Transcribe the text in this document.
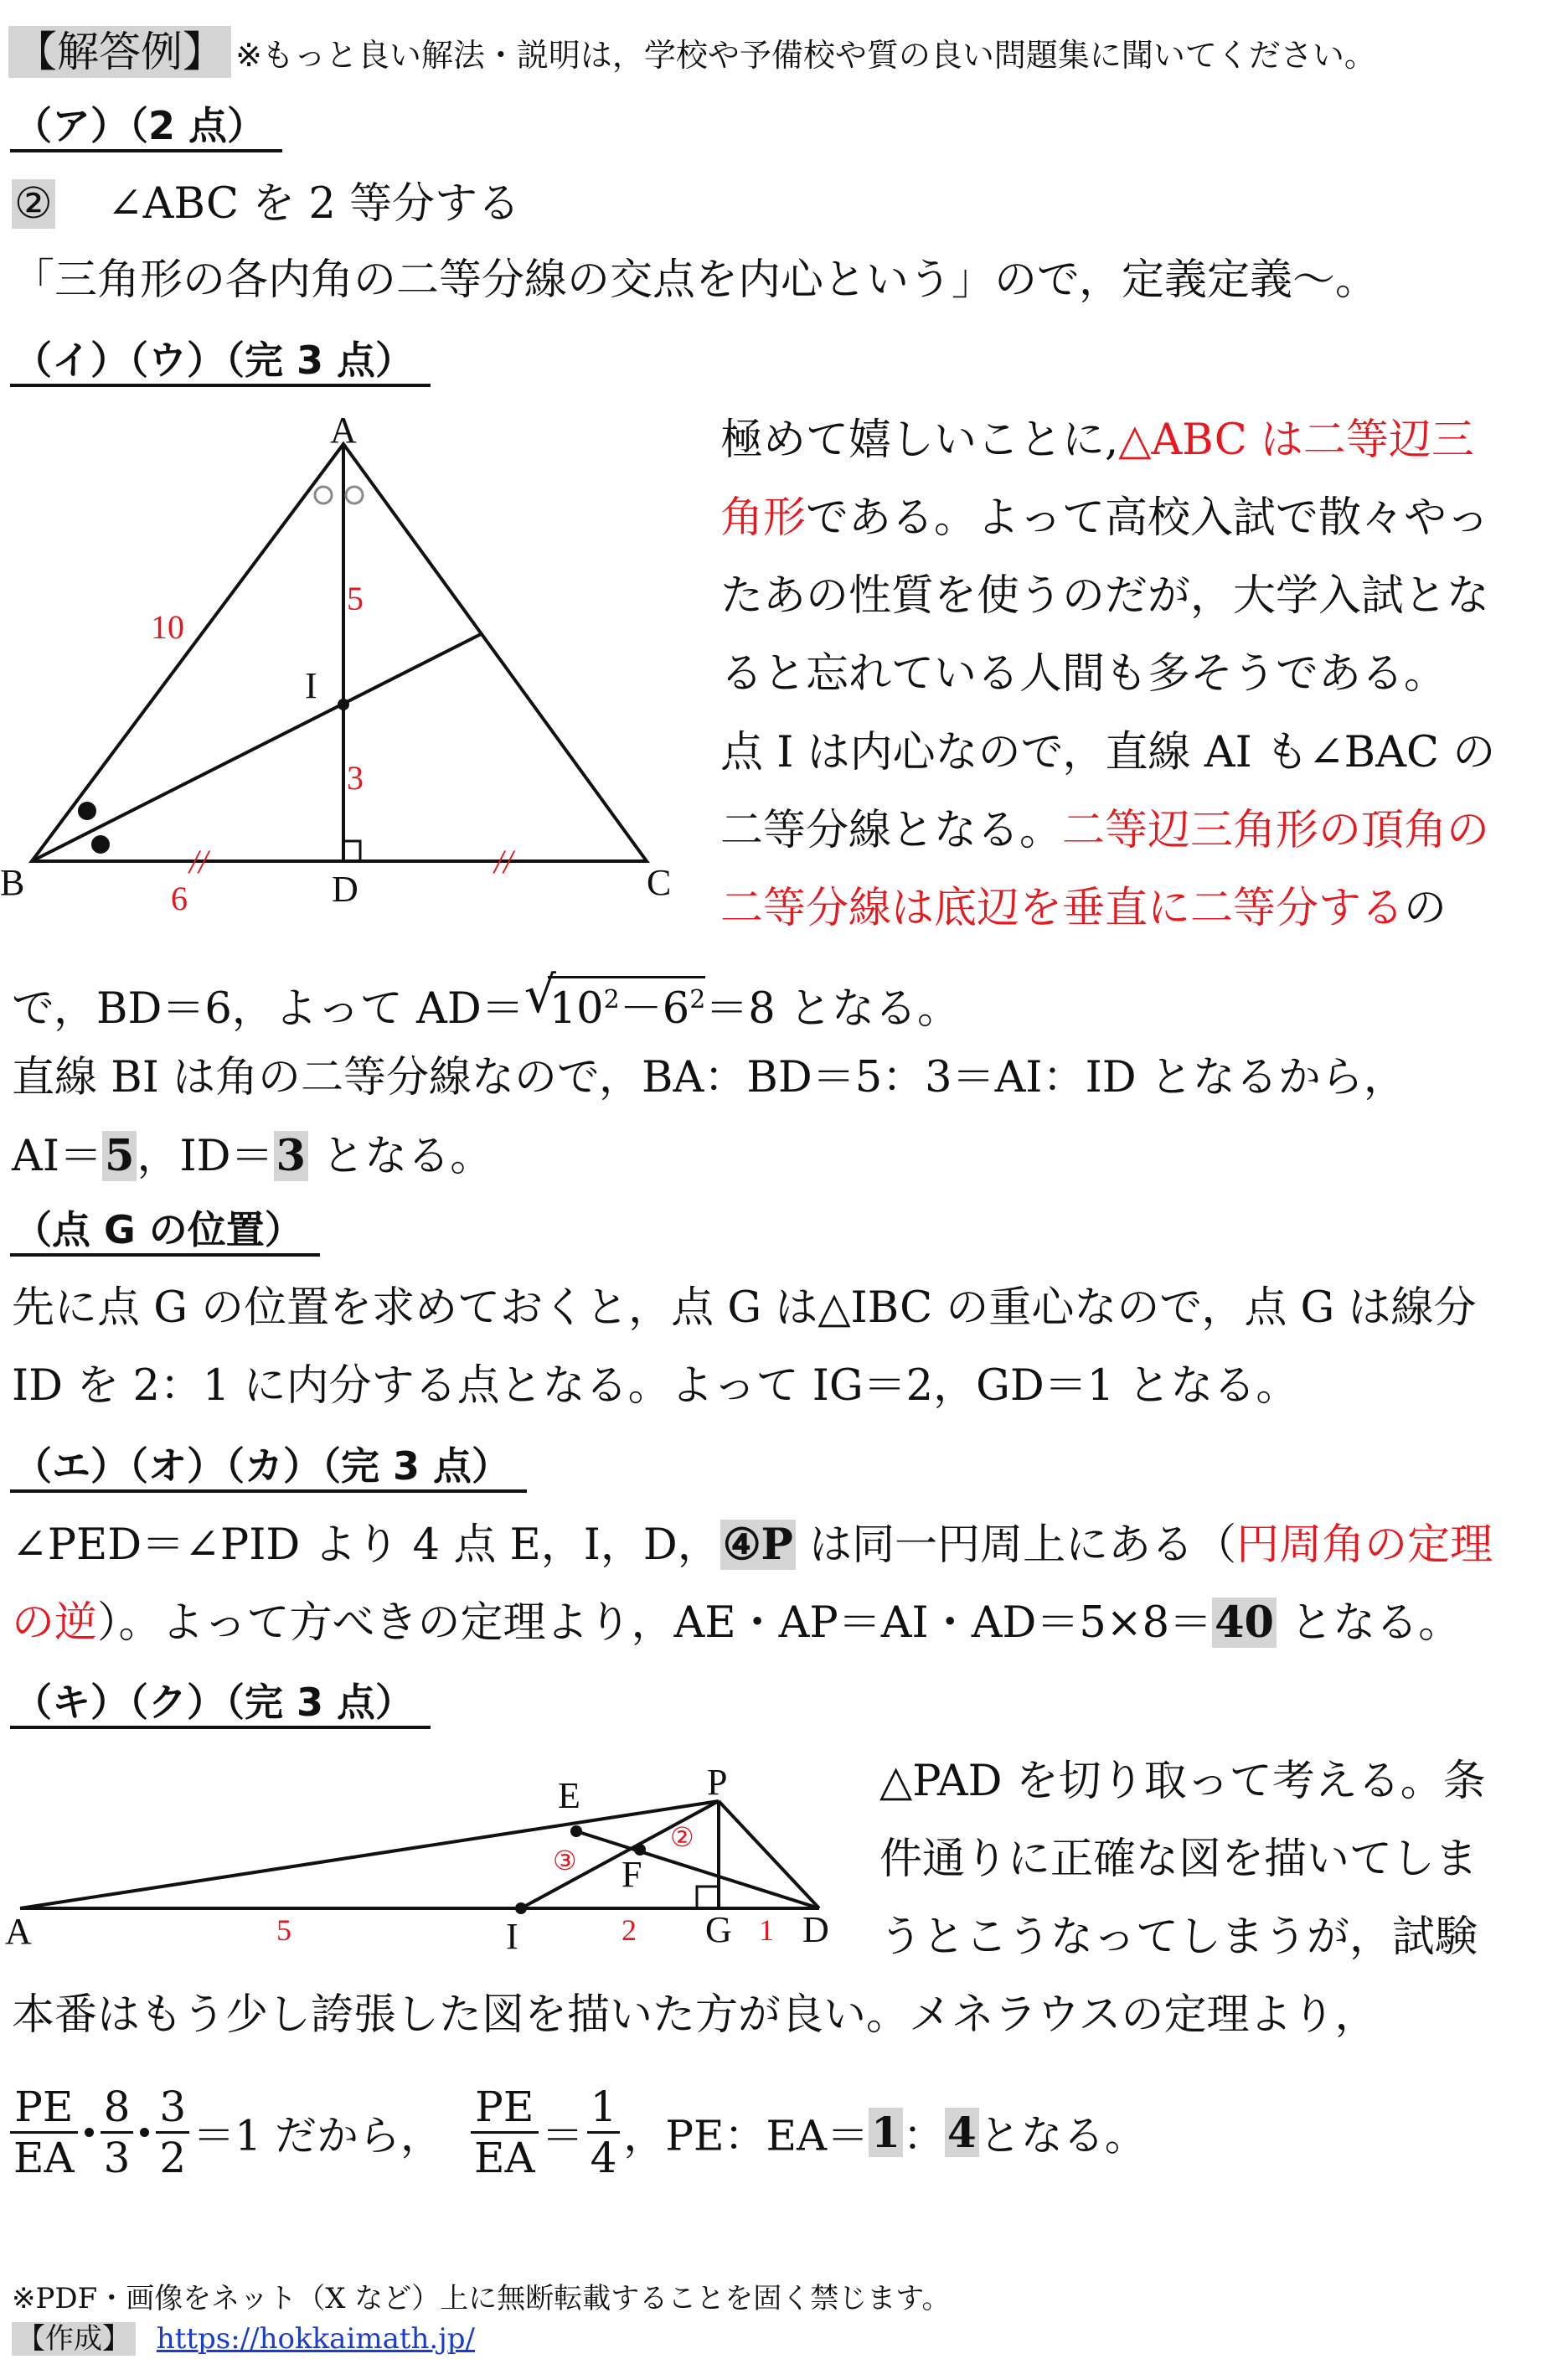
【解答例】 ※もっと良い解法・説明は，学校や予備校や質の良い問題集に聞いてください。
（ア）（2 点）
② ∠ABC を 2 等分する
「三角形の各内角の二等分線の交点を内心という」ので，定義定義〜。
（イ）（ウ）（完 3 点）
A
B	C
D
I
10
5
3
6
//	//
極めて嬉しいことに,△ABC は二等辺三
角形である。よって高校入試で散々やっ
たあの性質を使うのだが，大学入試とな
ると忘れている人間も多そうである。
点 I は内心なので，直線 AI も∠BAC の
二等分線となる。二等辺三角形の頂角の
二等分線は底辺を垂直に二等分するの
で，BD＝6，よって AD＝ √
$10^2-6^2=8$ となる。
直線 BI は角の二等分線なので，BA：BD＝5：3＝AI：ID となるから，
AI＝5，ID＝3 となる。
（点 G の位置）
先に点 G の位置を求めておくと，点 G は△IBC の重心なので，点 G は線分
ID を 2：1 に内分する点となる。よって IG＝2，GD＝1 となる。
（エ）（オ）（カ）（完 3 点）
∠PED＝∠PID より 4 点 E，I，D，④P は同一円周上にある（円周角の定理
の逆）。よって方べきの定理より，AE・AP＝AI・AD＝5×8＝40 となる。
（キ）（ク）（完 3 点）
A
E	P
F
I	G D
5	2	1
③
②
△PAD を切り取って考える。条
件通りに正確な図を描いてしま
うとこうなってしまうが，試験
本番はもう少し誇張した図を描いた方が良い。メネラウスの定理より，
$\frac{PE}{EA} \frac{8}{3} \frac{3}{2} =1$ だから， $\frac{PE}{EA} = \frac{1}{4}$ ，PE：EA＝1：4となる。
※PDF・画像をネット（X など）上に無断転載することを固く禁じます。
【作成】 https://hokkaimath.jp/
